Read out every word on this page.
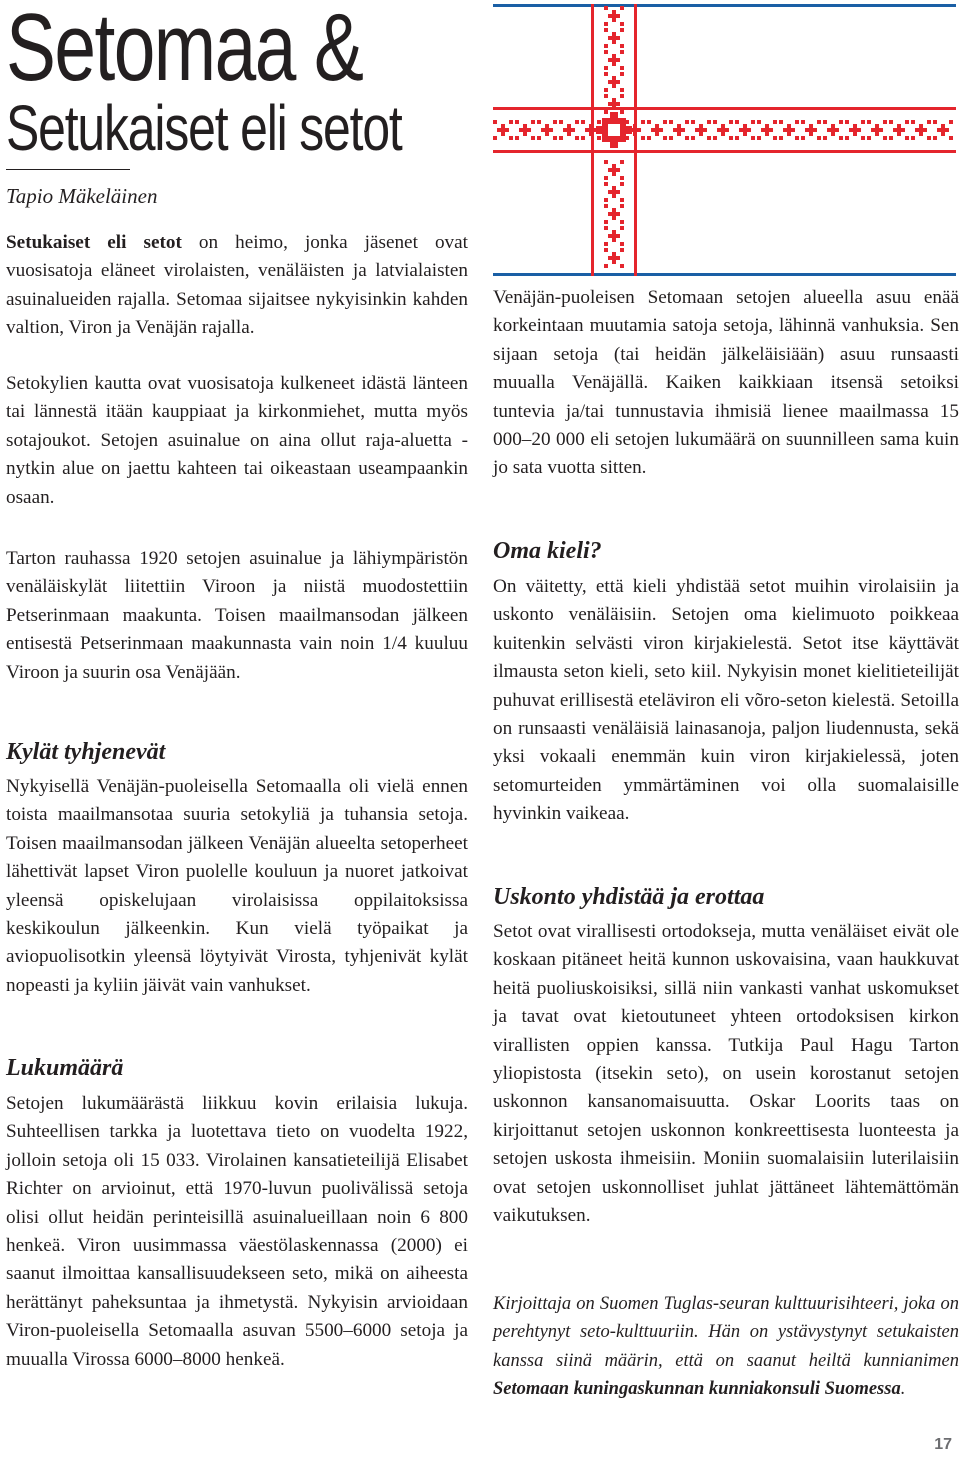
Setomaa &
Setukaiset eli setot
Tapio Mäkeläinen
Setukaiset eli setot on heimo, jonka jäsenet ovat vuosisatoja eläneet virolaisten, venäläisten ja latvialaisten asuinalueiden rajalla. Setomaa sijaitsee nykyisinkin kahden valtion, Viron ja Venäjän rajalla.
Setokylien kautta ovat vuosisatoja kulkeneet idästä länteen tai lännestä itään kauppiaat ja kirkonmiehet, mutta myös sotajoukot. Setojen asuinalue on aina ollut raja-aluetta - nytkin alue on jaettu kahteen tai oikeastaan useampaankin osaan.
Tarton rauhassa 1920 setojen asuinalue ja lähiympäristön venäläiskylät liitettiin Viroon ja niistä muodostettiin Petserinmaan maakunta. Toisen maailmansodan jälkeen entisestä Petserinmaan maakunnasta vain noin 1/4 kuuluu Viroon ja suurin osa Venäjään.
Kylät tyhjenevät
Nykyisellä Venäjän-puoleisella Setomaalla oli vielä ennen toista maailmansotaa suuria setokyliä ja tuhansia setoja. Toisen maailmansodan jälkeen Venäjän alueelta setoperheet lähettivät lapset Viron puolelle kouluun ja nuoret jatkoivat yleensä opiskelujaan virolaisissa oppilaitoksissa keskikoulun jälkeenkin. Kun vielä työpaikat ja aviopuolisotkin yleensä löytyivät Virosta, tyhjenivät kylät nopeasti ja kyliin jäivät vain vanhukset.
Lukumäärä
Setojen lukumäärästä liikkuu kovin erilaisia lukuja. Suhteellisen tarkka ja luotettava tieto on vuodelta 1922, jolloin setoja oli 15 033. Virolainen kansatieteilijä Elisabet Richter on arvioinut, että 1970-luvun puolivälissä setoja olisi ollut heidän perinteisillä asuinalueillaan noin 6 800 henkeä. Viron uusimmassa väestölaskennassa (2000) ei saanut ilmoittaa kansallisuudekseen seto, mikä on aiheesta herättänyt paheksuntaa ja ihmetystä. Nykyisin arvioidaan Viron-puoleisella Setomaalla asuvan 5500–6000 setoja ja muualla Virossa 6000–8000 henkeä.
Venäjän-puoleisen Setomaan setojen alueella asuu enää korkeintaan muutamia satoja setoja, lähinnä vanhuksia. Sen sijaan setoja (tai heidän jälkeläisiään) asuu runsaasti muualla Venäjällä. Kaiken kaikkiaan itsensä setoiksi tuntevia ja/tai tunnustavia ihmisiä lienee maailmassa 15 000–20 000 eli setojen lukumäärä on suunnilleen sama kuin jo sata vuotta sitten.
Oma kieli?
On väitetty, että kieli yhdistää setot muihin virolaisiin ja uskonto venäläisiin. Setojen oma kielimuoto poikkeaa kuitenkin selvästi viron kirjakielestä. Setot itse käyttävät ilmausta seton kieli, seto kiil. Nykyisin monet kielitieteilijät puhuvat erillisestä eteläviron eli võro-seton kielestä. Setoilla on runsaasti venäläisiä lainasanoja, paljon liudennusta, sekä yksi vokaali enemmän kuin viron kirjakielessä, joten setomurteiden ymmärtäminen voi olla suomalaisille hyvinkin vaikeaa.
Uskonto yhdistää ja erottaa
Setot ovat virallisesti ortodokseja, mutta venäläiset eivät ole koskaan pitäneet heitä kunnon uskovaisina, vaan haukkuvat heitä puoliuskoisiksi, sillä niin vankasti vanhat uskomukset ja tavat ovat kietoutuneet yhteen ortodoksisen kirkon virallisten oppien kanssa. Tutkija Paul Hagu Tarton yliopistosta (itsekin seto), on usein korostanut setojen uskonnon kansanomaisuutta. Oskar Loorits taas on kirjoittanut setojen uskonnon konkreettisesta luonteesta ja setojen uskosta ihmeisiin. Moniin suomalaisiin luterilaisiin ovat setojen uskonnolliset juhlat jättäneet lähtemättömän vaikutuksen.
Kirjoittaja on Suomen Tuglas-seuran kulttuurisihteeri, joka on perehtynyt seto-kulttuuriin. Hän on ystävystynyt setukaisten kanssa siinä määrin, että on saanut heiltä kunnianimen Setomaan kuningaskunnan kunniakonsuli Suomessa.
17
